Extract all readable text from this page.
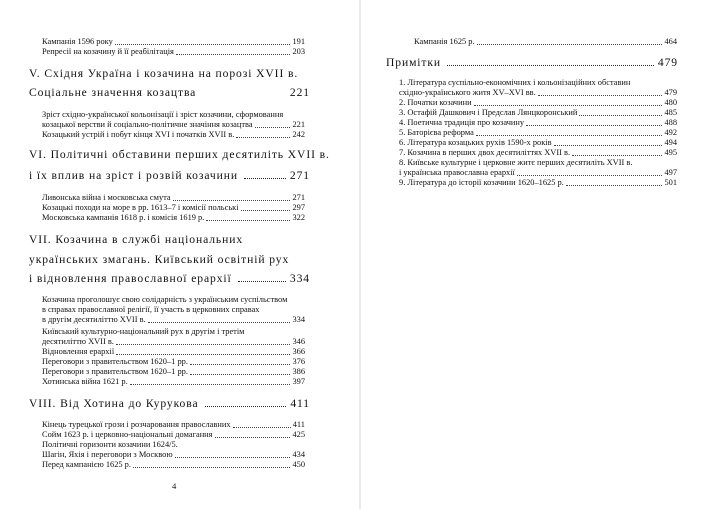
Кампанія 1596 року	191
Репресії на козачину й її реабілітація	203
V. Східня Україна і козачина на порозі XVII в.
Соціальне значення козацтва	221
Зріст східно-української кольонізації і зріст козачини, сформовання
козацької верстви й соціально-політичне значіння козацтва	221
Козацький устрій і побут кінця XVI і початків XVII в.	242
VI. Політичні обставини перших десятиліть XVII в.
і їх вплив на зріст і розвій козачини	271
Ливонська війна і московська смута	271
Козацькі походи на море в рр. 1613–7 і комісії польські	297
Московська кампанія 1618 р. і комісія 1619 р.	322
VII. Козачина в службі національних
українських змагань. Київський освітній рух
і відновлення православної ерархії	334
Козачина проголошує свою солідарність з українським суспільством
в справах православної релігії, її участь в церковних справах
в другім десятиліттю XVII в.	334
Київський культурно-національний рух в другім і третім
десятиліттю XVII в.	346
Відновлення ерархії	366
Переговори з правительством 1620–1 рр.	376
Переговори з правительством 1620–1 рр.	386
Хотинська війна 1621 р.	397
VIII. Від Хотина до Курукова	411
Кінець турецької грози і розчаровання православних	411
Сойм 1623 р. і церковно-національні домагання	425
Політичні горизонти козачини 1624/5.
Шагін, Яхія і переговори з Москвою	434
Перед кампанією 1625 р.	450
4
Кампанія 1625 р.	464
Примітки	479
1. Література суспільно-економічних і кольонізаційних обставин
східно-українського житя XV–XVI вв.	479
2. Початки козачини	480
3. Остафій Дашкович і Предслав Лянцкоронський	485
4. Поетична традиція про козачину	488
5. Баторієва реформа	492
6. Література козацьких рухів 1590-х років	494
7. Козачина в перших двох десятиліттях XVII в.	495
8. Київське культурне і церковне житє перших десятиліть XVII в.
і українська православна ерархії	497
9. Література до історії козачини 1620–1625 р.	501
